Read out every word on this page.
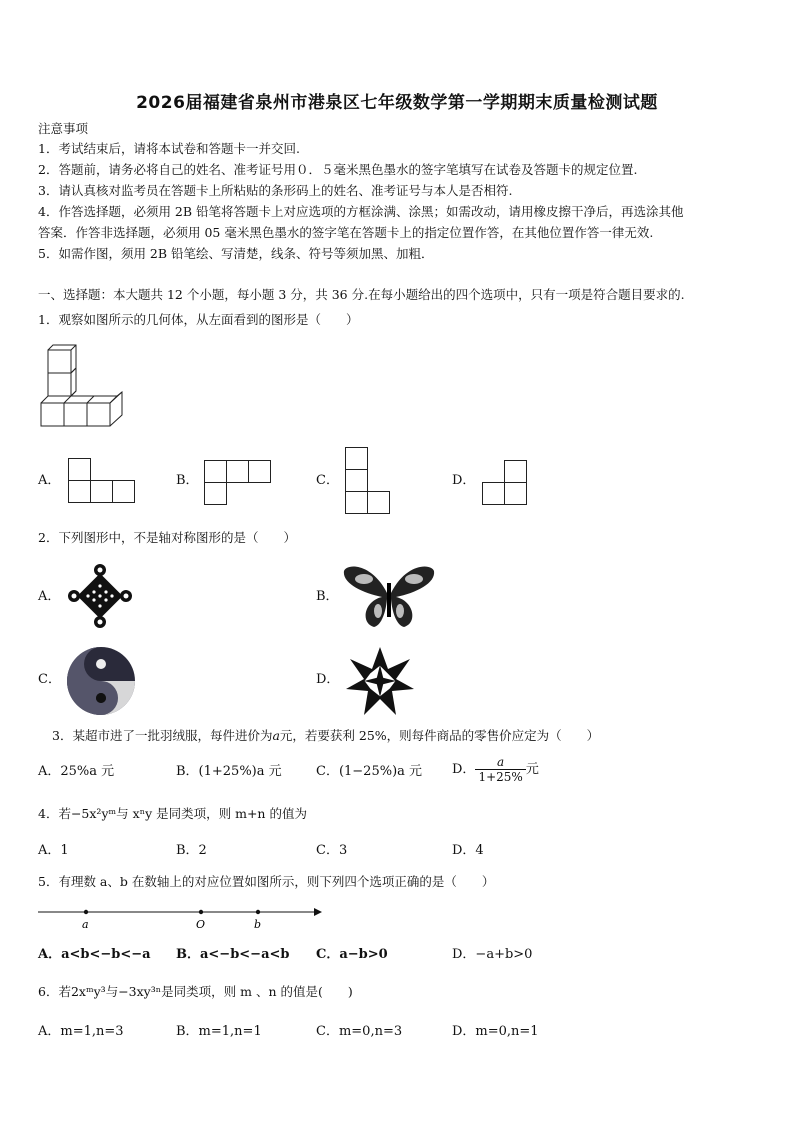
2026届福建省泉州市港泉区七年级数学第一学期期末质量检测试题
注意事项
1．考试结束后，请将本试卷和答题卡一并交回.
2．答题前，请务必将自己的姓名、准考证号用０．５毫米黑色墨水的签字笔填写在试卷及答题卡的规定位置.
3．请认真核对监考员在答题卡上所粘贴的条形码上的姓名、准考证号与本人是否相符.
4．作答选择题，必须用 2B 铅笔将答题卡上对应选项的方框涂满、涂黑；如需改动，请用橡皮擦干净后，再选涂其他
答案．作答非选择题，必须用 05 毫米黑色墨水的签字笔在答题卡上的指定位置作答，在其他位置作答一律无效.
5．如需作图，须用 2B 铅笔绘、写清楚，线条、符号等须加黑、加粗．
一、选择题：本大题共 12 个小题，每小题 3 分，共 36 分.在每小题给出的四个选项中，只有一项是符合题目要求的.
1．观察如图所示的几何体，从左面看到的图形是（　　）
A．	B．	C．	D．
2．下列图形中，不是轴对称图形的是（　　）
A．	B．
C．	D．
3．某超市进了一批羽绒服，每件进价为a元，若要获利 25%，则每件商品的零售价应定为（　　）
A．25%a 元	B．(1+25%)a 元	C．(1−25%)a 元 D． $\frac{a}{1+25\%}$ 元
4．若−5x²yᵐ与 xⁿy 是同类项，则 m+n 的值为
A．1	B．2	C．3	D．4
5．有理数 a、b 在数轴上的对应位置如图所示，则下列四个选项正确的是（　　）
a	O	b
A．a<b<−b<−a B．a<−b<−a<b C．a−b>0	D．−a+b>0
6．若2xᵐy³与−3xy³ⁿ是同类项，则 m 、n 的值是(　　)
A．m=1,n=3	B．m=1,n=1	C．m=0,n=3	D．m=0,n=1
